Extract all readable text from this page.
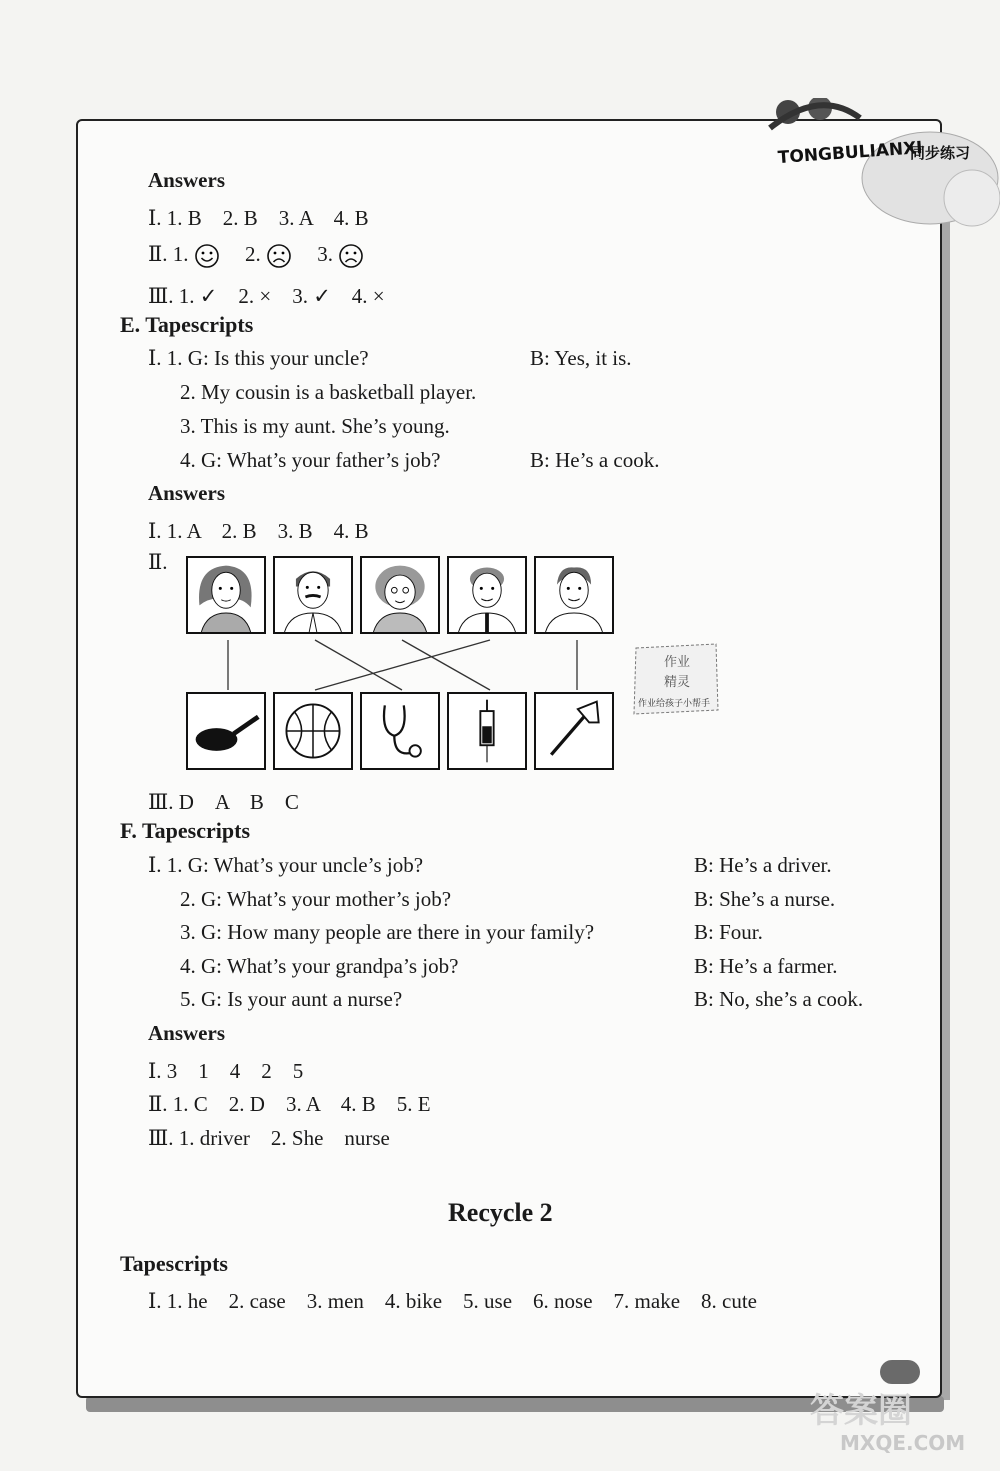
同步练习
TONGBULIANXI
Answers
Ⅰ. 1. B　2. B　3. A　4. B
Ⅱ. 1.	2.	3.
Ⅲ. 1. ✓　2. ×　3. ✓　4. ×
E. Tapescripts
Ⅰ. 1. G: Is this your uncle?	B: Yes, it is.
2. My cousin is a basketball player.
3. This is my aunt. She’s young.
4. G: What’s your father’s job?	B: He’s a cook.
Answers
Ⅰ. 1. A　2. B　3. B　4. B
Ⅱ.
作业
精灵
作业给孩子小帮手
Ⅲ. D　A　B　C
F. Tapescripts
Ⅰ. 1. G: What’s your uncle’s job?	B: He’s a driver.
2. G: What’s your mother’s job?	B: She’s a nurse.
3. G: How many people are there in your family?	B: Four.
4. G: What’s your grandpa’s job?	B: He’s a farmer.
5. G: Is your aunt a nurse?	B: No, she’s a cook.
Answers
Ⅰ. 3　1　4　2　5
Ⅱ. 1. C　2. D　3. A　4. B　5. E
Ⅲ. 1. driver　2. She　nurse
Recycle 2
Tapescripts
Ⅰ. 1. he　2. case　3. men　4. bike　5. use　6. nose　7. make　8. cute
答案圈
MXQE.COM
